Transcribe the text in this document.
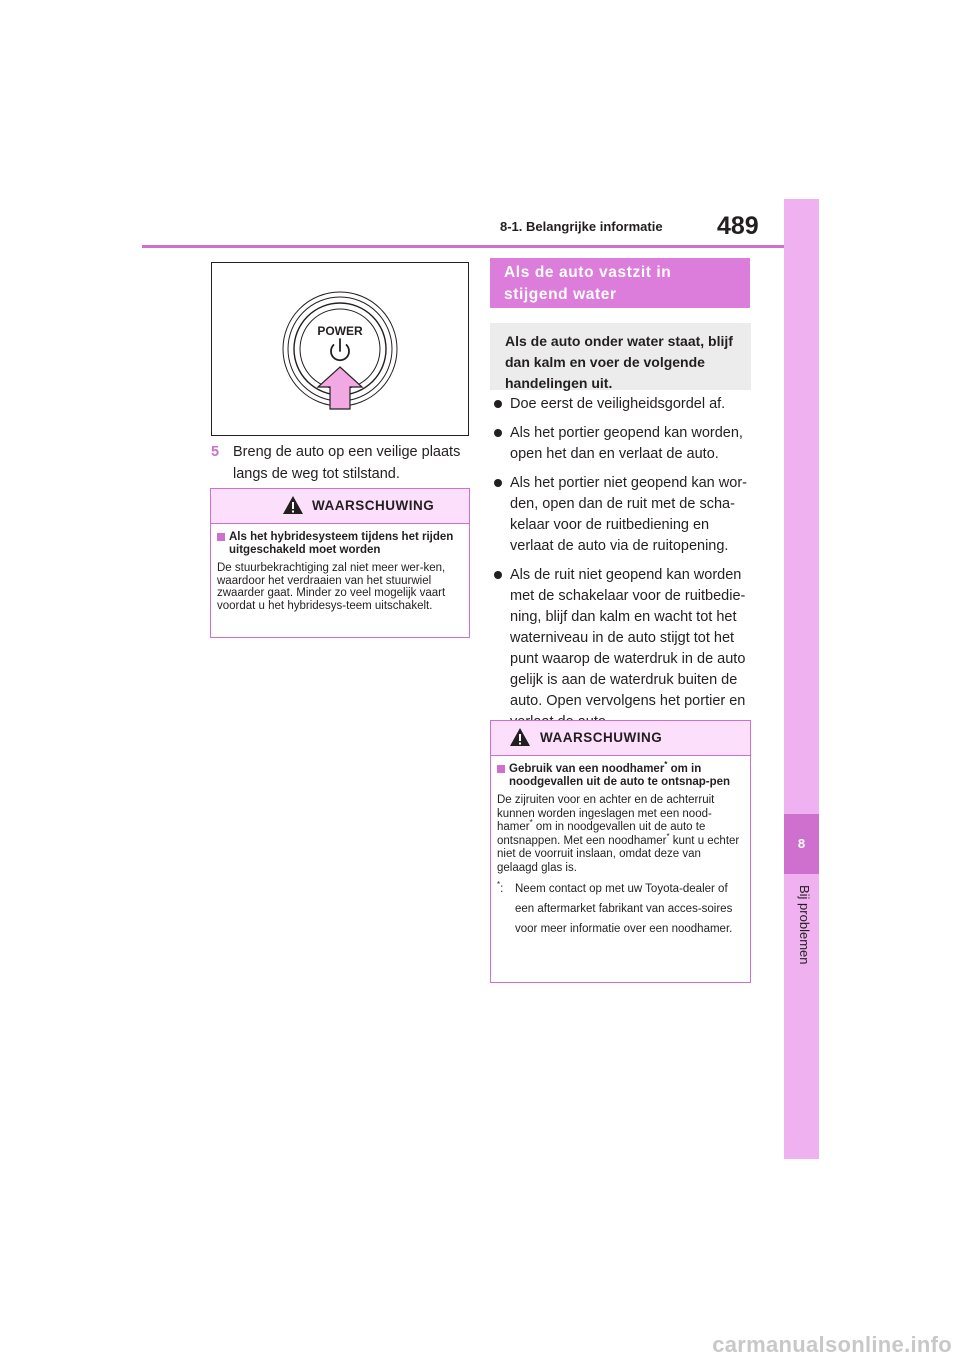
8
Bij problemen
8-1. Belangrijke informatie 489
POWER
5 Breng de auto op een veilige plaats langs de weg tot stilstand.
WAARSCHUWING
Als het hybridesysteem tijdens het rijden uitgeschakeld moet worden

De stuurbekrachtiging zal niet meer wer-ken, waardoor het verdraaien van het stuurwiel zwaarder gaat. Minder zo veel mogelijk vaart voordat u het hybridesys-teem uitschakelt.

Als de auto vastzit in
stijgend water
Als de auto onder water staat, blijf dan kalm en voer de volgende handelingen uit.
Doe eerst de veiligheidsgordel af.
Als het portier geopend kan worden, open het dan en verlaat de auto.
Als het portier niet geopend kan wor-den, open dan de ruit met de scha-kelaar voor de ruitbediening en verlaat de auto via de ruitopening.
Als de ruit niet geopend kan worden met de schakelaar voor de ruitbedie-ning, blijf dan kalm en wacht tot het waterniveau in de auto stijgt tot het punt waarop de waterdruk in de auto gelijk is aan de waterdruk buiten de auto. Open vervolgens het portier en
WAARSCHUWING
Gebruik van een noodhamer* om in noodgevallen uit de auto te ontsnap-pen

De zijruiten voor en achter en de achterruit kunnen worden ingeslagen met een nood-hamer* om in noodgevallen uit de auto te ontsnappen. Met een noodhamer* kunt u echter niet de voorruit inslaan, omdat deze van gelaagd glas is.

*: Neem contact op met uw Toyota-dealer of een aftermarket fabrikant van acces-soires voor meer informatie over een noodhamer.
carmanualsonline.info
